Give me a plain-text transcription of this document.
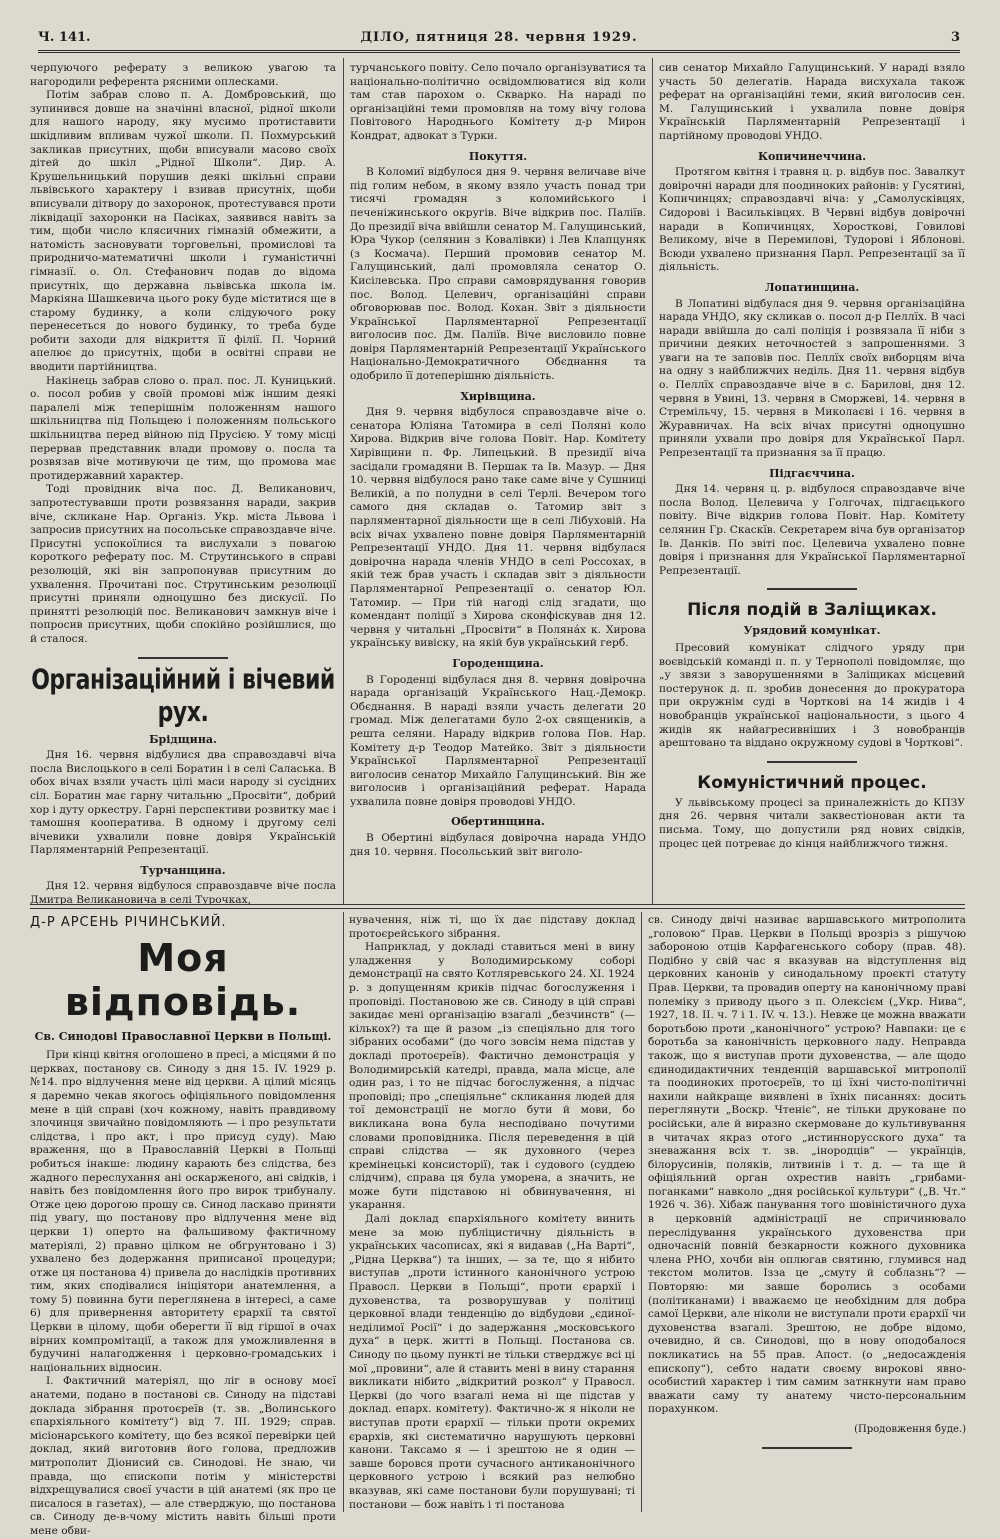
Ч. 141.	ДІЛО, пятниця 28. червня 1929.	3

черпуючого реферату з великою увагою та нагородили референта рясними оплесками.

Потім забрав слово п. А. Домбровський, що зупинився довше на значінні власної, рідної школи для нашого народу, яку мусимо протиставити шкідливим впливам чужої школи. П. Похмурський закликав присутних, щоби вписували масово своїх дітей до шкіл „Рідної Школи“. Дир. А. Крушельницький порушив деякі шкільні справи львівського характеру і взивав присутніх, щоби вписували дітвору до захоронок, протестувався проти ліквідації захоронки на Пасіках, заявився навіть за тим, щоби число клясичних гімназій обмежити, а натомість засновувати торговельні, промислові та природничо-математичні школи і гуманістичні гімназії. о. Ол. Стефанович подав до відома присутніх, що державна львівська школа ім. Маркіяна Шашкевича цього року буде міститися ще в старому будинку, а коли слідуючого року перенесеться до нового будинку, то треба буде робити заходи для відкриття її філії. П. Чорний апелює до присутніх, щоби в освітні справи не вводити партійництва.

Накінець забрав слово о. прал. пос. Л. Куницький. о. посол робив у своїй промові між іншим деякі паралелі між теперішнім положенням нашого шкільництва під Польщею і положенням польського шкільництва перед війною під Прусією. У тому місці перервав представник влади промову о. посла та розвязав віче мотивуючи це тим, що промова має протидержавний характер.

Тоді провідник віча пос. Д. Великанович, запротестувавши проти розвязання наради, закрив віче, скликане Нар. Організ. Укр. міста Львова і запросив присутних на посольське справоздавче віче. Присутні успокоїлися та вислухали з повагою короткого реферату пос. М. Струтинського в справі резолюцій, які він запропонував присутним до ухвалення. Прочитані пос. Струтинським резолюції присутні приняли одноцушно без дискусії. По принятті резолюцій пос. Великанович замкнув віче і попросив присутних, щоби спокійно розійшлися, що й сталося.

Організаційний і вічевий рух.
Брідщина.

Дня 16. червня відбулися два справоздавчі віча посла Вислоцького в селі Боратин і в селі Саласька. В обох вічах взяли участь цілі маси народу зі сусідних сіл. Боратин має гарну читальню „Просвіти“, добрий хор і дуту оркестру. Гарні перспективи розвитку має і тамошня кооператива. В одному і другому селі вічевики ухвалили повне довіря Українській Парляментарній Репрезентації.

Турчанщина.

Дня 12. червня відбулося справоздавче віче посла Дмитра Великановича в селі Турочках,

турчанського повіту. Село почало організуватися та національно-політично освідомлюватися від коли там став пароxом о. Скварко. На нараді по організаційні теми промовляв на тому вічу голова Повітового Народнього Комітету д-р Мирон Кондрат, адвокат з Турки.

Покуття.

В Коломиї відбулося дня 9. червня величаве віче під голим небом, в якому взяло участь понад три тисячі громадян з коломийського і печеніжинського округів. Віче відкрив пос. Паліїв. До президії віча ввійшли сенатор М. Галущинський, Юра Чукор (селянин з Ковалівки) і Лев Клапцуняк (з Космача). Перший промовив сенатор М. Галущинський, далі промовляла сенатор О. Кисілевська. Про справи самоврядування говорив пос. Волод. Целевич, організаційні справи обговорював пос. Волод. Кохан. Звіт з діяльности Української Парляментарної Репрезентації виголосив пос. Дм. Паліїв. Віче висловило повне довіря Парляментарній Репрезентації Українського Національно-Демократичного Обєднання та одобрило її дотеперішню діяльність.

Хирівщина.

Дня 9. червня відбулося справоздавче віче о. сенатора Юліяна Татомира в селі Поляні коло Хирова. Відкрив віче голова Повіт. Нар. Комітету Хирівщини п. Фр. Липецький. В президії віча засідали громадяни В. Першак та Ів. Мазур. — Дня 10. червня відбулося рано таке саме віче у Сушниці Великій, а по полудни в селі Терлі. Вечером того самого дня складав о. Татомир звіт з парляментарної діяльности ще в селі Лібуховій. На всіх вічах ухвалено повне довіря Парляментарній Репрезентації УНДО. Дня 11. червня відбулася довірочна нарада членів УНДО в селі Россохах, в якій теж брав участь і складав звіт з діяльности Парляментарної Репрезентації о. сенатор Юл. Татомир. — При тій нагоді слід згадати, що комендант поліції з Хирова сконфіскував дня 12. червня у читальні „Просвіти“ в Поляна́х к. Хирова українську вивіску, на якій був український герб.

Городенщина.

В Городенці відбулася дня 8. червня довірочна нарада організацій Українського Нац.-Демокр. Обєднання. В нараді взяли участь делегати 20 громад. Між делегатами було 2-ох священиків, а решта селяни. Нараду відкрив голова Пов. Нар. Комітету д-р Теодор Матейко. Звіт з діяльности Української Парляментарної Репрезентації виголосив сенатор Михайло Галущинський. Він же виголосив і організаційний реферат. Нарада ухвалила повне довіря проводові УНДО.

Обертинщина.

В Обертині відбулася довірочна нарада УНДО дня 10. червня. Посольський звіт виголо-

сив сенатор Михайло Галущинський. У нараді взяло участь 50 делегатів. Нарада висхухала також реферат на організаційні теми, який виголосив сен. М. Галущинський і ухвалила повне довіря Українській Парляментарній Репрезентації і партійному проводові УНДО.

Копичинеччина.

Протягом квітня і травня ц. р. відбув пос. Завалкут довірочні наради для поодиноких районів: у Гусятині, Копичинцях; справоздавчі віча: у „Самолусківцях, Сидорові і Васильківцях. В Червні відбув довірочні наради в Копичинцях, Хоросткові, Говилові Великому, віче в Перемилові, Тудорові і Яблонові. Всюди ухвалено признання Парл. Репрезентації за її діяльність.

Лопатинщина.

В Лопатині відбулася дня 9. червня організаційна нарада УНДО, яку скликав о. посол д-р Пеллїх. В часі наради ввійшла до салі поліція і розвязала її ніби з причини деяких неточностей з запрошеннями. З уваги на те заповів пос. Пеллїх своїх виборцям віча на одну з найближчих неділь. Дня 11. червня відбув о. Пеллїх справоздавче віче в с. Барилові, дня 12. червня в Увині, 13. червня в Сморжеві, 14. червня в Стремільчу, 15. червня в Миколаєві і 16. червня в Журавничах. На всіх вічах присутні одноцушно приняли ухвали про довіря для Української Парл. Репрезентації та признання за її працю.

Підгаєччина.

Дня 14. червня ц. р. відбулося справоздавче віче посла Волод. Целевича у Голгочах, підгаєцького повіту. Віче відкрив голова Повіт. Нар. Комітету селянин Гр. Скаскїв. Секретарем віча був організатор Ів. Данків. По звіті пос. Целевича ухвалено повне довіря і признання для Української Парляментарної Репрезентації.

Після подій в Заліщиках.
Урядовий комунікат.

Пресовий комунікат слідчого уряду при воєвідській команді п. п. у Тернополі повідомляє, що „у звязи з заворушеннями в Заліщиках місцевий постерунок д. п. зробив донесення до прокуратора при окружнім суді в Чорткові на 14 жидів і 4 новобранців української національности, з цього 4 жидів як найагресивніших і 3 новобранців арештовано та віддано окружному судові в Чорткові“.

Комуністичний процес.

У львівському процесі за приналежність до КПЗУ дня 26. червня читали заквестіонован акти та письма. Тому, що допустили ряд нових свідків, процес цей потреває до кінця найближчого тижня.

Д-Р АРСЕНЬ РІЧИНСЬКИЙ.
Моя відповідь.
Св. Синодові Православної Церкви в Польщі.

При кінці квітня оголошено в пресі, а місцями й по церквах, постанову св. Синоду з дня 15. IV. 1929 р. №14. про відлучення мене від церкви. А цілий місяць я даремно чекав якогось офіціяльного повідомлення мене в цій справі (хоч кожному, навіть правдивому злочинця звичайно повідомляють — і про результати слідства, і про акт, і про присуд суду). Маю враження, що в Православній Церкві в Польщі робиться інакше: людину карають без слідства, без жадного переслухання ані оскарженого, ані свідків, і навіть без повідомлення його про вирок трибуналу. Отже цею дорогою прошу св. Синод ласкаво приняти під увагу, що постанову про відлучення мене від церкви 1) оперто на фальшивому фактичному матеріялі, 2) правно цілком не обгрунтовано і 3) ухвалено без додержання приписаної процедури; отже ця постанова 4) привела до наслідків противних тим, яких сподівалися ініціятори анатемлення, а тому 5) повинна бути переглянена в інтересі, а саме 6) для привернення авторитету єрархії та святої Церкви в цілому, щоби оберегти її від гіршої в очах вірних компромітації, а також для уможливлення в будучині налагодження і церковно-громадських і національних відносин.

І. Фактичний матеріял, що ліг в основу моєї анатеми, подано в постанові св. Синоду на підставі доклада зібрання протоєреїв (т. зв. „Волинського єпархіяльного комітету“) від 7. III. 1929; справ. місіонарського комітету, що без всякої перевірки цей доклад, який виготовив його голова, предложив митрополит Діонисий св. Синодові. Не знаю, чи правда, що єпископи потім у міністерстві відхрещувалися своєї участи в цій анатемі (як про це писалося в газетах), — але стверджую, що постанова св. Синоду де-в-чому містить навіть більші проти мене обви-

нувачення, ніж ті, що їх дає підставу доклад протоєрейського зібрання.

Наприклад, у докладі ставиться мені в вину уладження у Володимирському соборі демонстрації на свято Котляревського 24. XI. 1924 р. з допущенням криків підчас богослуження і проповіді. Постановою же св. Синоду в цій справі закидає мені організацію взагалі „безчинств“ (— кількох?) та ще й разом „із спеціяльно для того зібраних особами“ (до чого зовсім нема підстав у докладі протоєреїв). Фактично демонстрація у Володимирській катедрі, правда, мала місце, але один раз, і то не підчас богослуження, а підчас проповіді; про „спеціяльне“ скликання людей для тої демонстрації не могло бути й мови, бо викликана вона була несподівано почутими словами проповідника. Після переведення в цій справі слідства — як духовного (через кремінецькі консисторії), так і судового (суддею слідчим), справа ця була уморена, а значить, не може бути підставою ні обвинувачення, ні укарання.

Далі доклад єпархіяльного комітету винить мене за мою публіцистичну діяльність в українських часописах, які я видавав („На Варті“, „Рідна Церква“) та інших, — за те, що я нібито виступав „проти істинного канонічного устрою Правосл. Церкви в Польщі“, проти єрархії і духовенства, та розворушував у політиці церковної влади тенденцію до відбудови „єдиної-неділимої Росії“ і до задержання „московського духа“ в церк. житті в Польщі. Постанова св. Синоду по цьому пункті не тільки стверджує всі ці мої „провини“, але й ставить мені в вину старання викликати нібито „відкритий розкол“ у Правосл. Церкві (до чого взагалі нема ні ще підстав у доклад. епарх. комітету). Фактично-ж я ніколи не виступав проти єрархії — тільки проти окремих єрархів, які систематично нарушують церковні канони. Таксамо я — і зрештою не я один — завше боровся проти сучасного антиканонічного церковного устрою і всякий раз нелюбно вказував, які саме постанови були порушувані; ті постанови — бож навіть і ті постанова

св. Синоду двічі називає варшавського митрополита „головою“ Прав. Церкви в Польщі врозріз з рішучою забороною отців Карфагенського собору (прав. 48). Подібно у свій час я вказував на відступлення від церковних канонів у синодальному проєкті статуту Прав. Церкви, та провадив оперту на канонічному праві полеміку з приводу цього з п. Олексієм („Укр. Нива“, 1927, 18. II. ч. 7 і 1. IV. ч. 13.). Невже це можна вважати боротьбою проти „канонічного“ устрою? Навпаки: це є боротьба за канонічність церковного ладу. Неправда також, що я виступав проти духовенства, — але щодо єдинодидактичних тенденцій варшавської митрополії та поодиноких протоєреїв, то ці їхні чисто-політичні нахили найкраще виявлені в їхніх писаннях: досить переглянути „Воскр. Чтеніє“, не тільки друковане по російськи, але й виразно скермоване до культивування в читачах якраз отого „истиннорусского духа“ та зневажання всіх т. зв. „інородців“ — українців, білорусинів, поляків, литвинів і т. д. — та ще й офіціяльний орган охрестив навіть „грибами-поганками“ навколо „дня російської культури“ („В. Чт.“ 1926 ч. 36). Хібаж панування того шовіністичного духа в церковній адміністрації не спричинювало переслідування українського духовенства при одночасній повній безкарности кожного духовника члена РНО, хочби він оплюгав святиню, глумився над текстом молитов. Ізза це „смуту й соблазнь“? — Повторяю: ми завше боролись з особами (політиканами) і вважаємо це необхідним для добра самої Церкви, але ніколи не виступали проти єрархії чи духовенства взагалі. Зрештою, не добре відомо, очевидно, й св. Синодові, що в нову оподобалося покликатись на 55 прав. Апост. (о „недосажденія епископу“), себто надати своєму вирокові явно-особистий характер і тим самим затнкнути нам право вважати саму ту анатему чисто-персональним порахунком.

(Продовження буде.)
